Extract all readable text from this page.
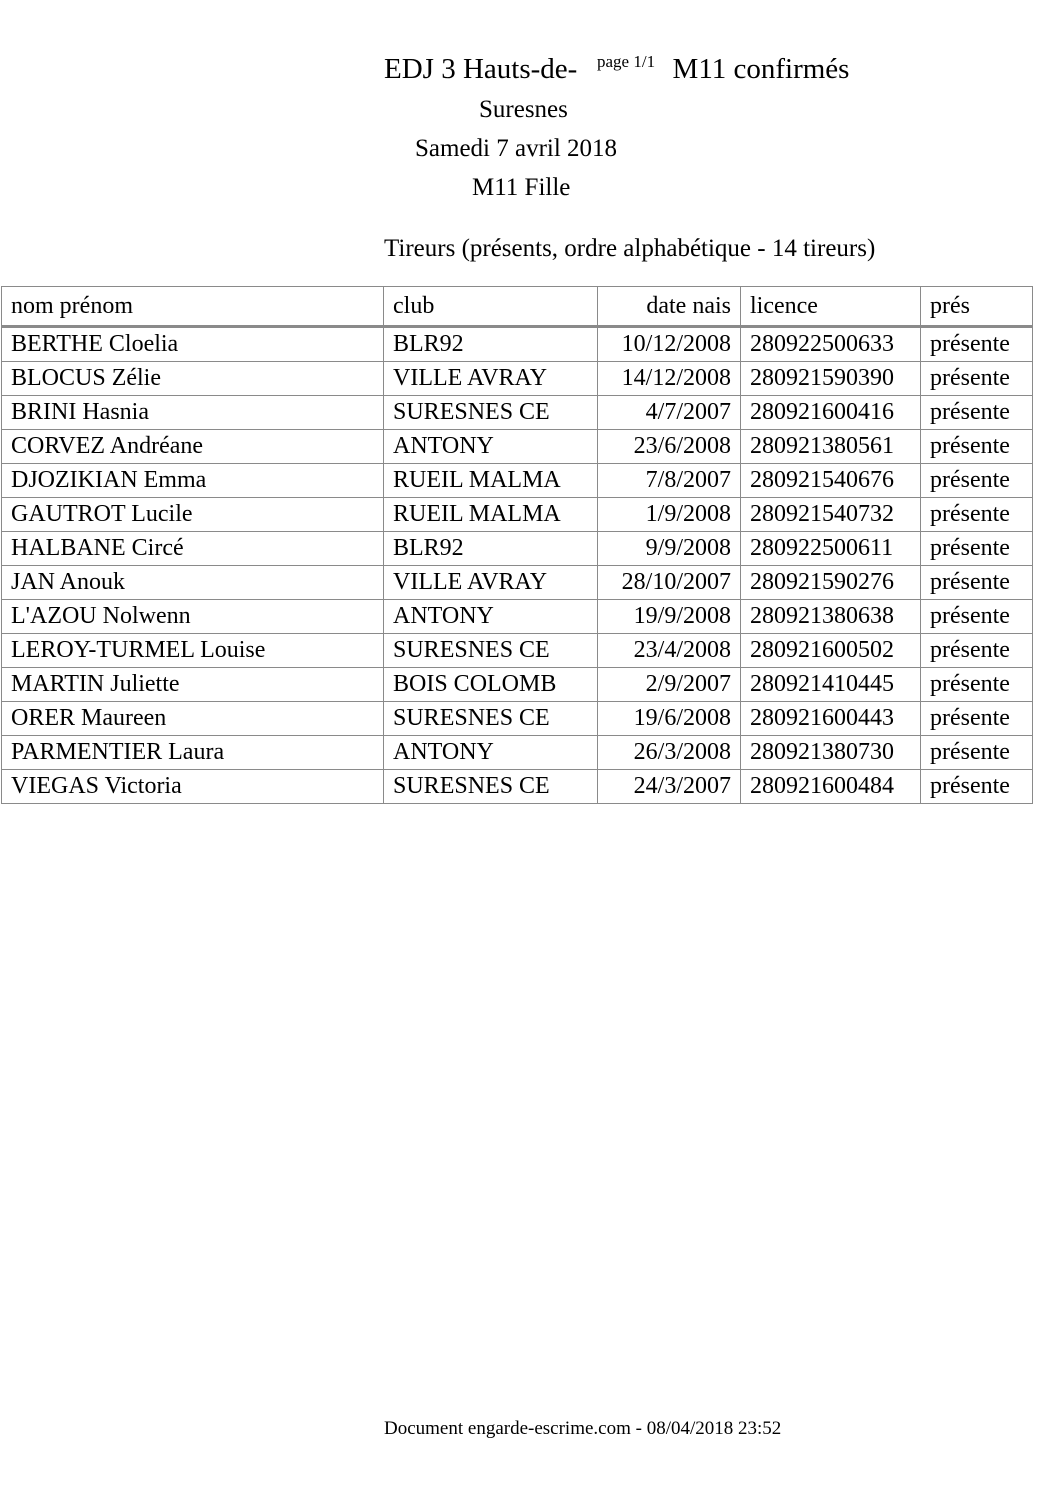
EDJ 3 Hauts-de-	M11 confirmés
page 1/1
Suresnes
Samedi 7 avril 2018
M11 Fille
Tireurs (présents, ordre alphabétique - 14 tireurs)
nom prénom	club	date nais	licence	prés
BERTHE Cloelia	BLR92	10/12/2008	280922500633	présente
BLOCUS Zélie	VILLE AVRAY	14/12/2008	280921590390	présente
BRINI Hasnia	SURESNES CE	4/7/2007	280921600416	présente
CORVEZ Andréane	ANTONY	23/6/2008	280921380561	présente
DJOZIKIAN Emma	RUEIL MALMA	7/8/2007	280921540676	présente
GAUTROT Lucile	RUEIL MALMA	1/9/2008	280921540732	présente
HALBANE Circé	BLR92	9/9/2008	280922500611	présente
JAN Anouk	VILLE AVRAY	28/10/2007	280921590276	présente
L'AZOU Nolwenn	ANTONY	19/9/2008	280921380638	présente
LEROY-TURMEL Louise	SURESNES CE	23/4/2008	280921600502	présente
MARTIN Juliette	BOIS COLOMB	2/9/2007	280921410445	présente
ORER Maureen	SURESNES CE	19/6/2008	280921600443	présente
PARMENTIER Laura	ANTONY	26/3/2008	280921380730	présente
VIEGAS Victoria	SURESNES CE	24/3/2007	280921600484	présente
Document engarde-escrime.com - 08/04/2018 23:52
